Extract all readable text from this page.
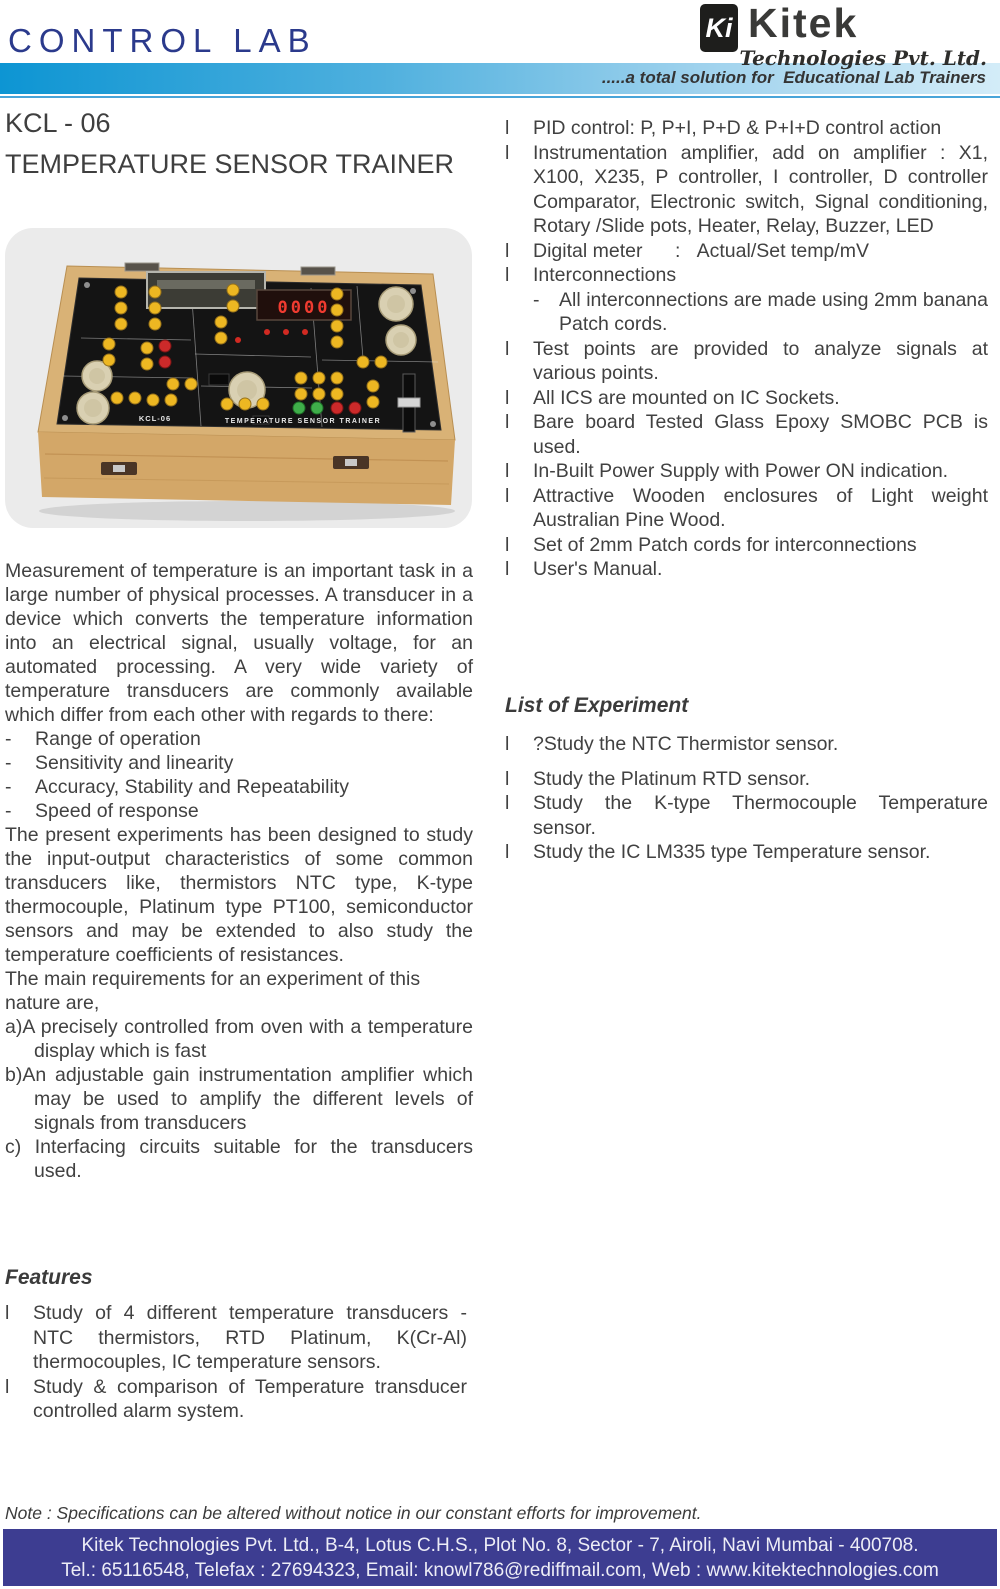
CONTROL LAB	Ki Kitek
Technologies Pvt. Ltd.
.....a total solution for  Educational Lab Trainers
KCL - 06
TEMPERATURE SENSOR TRAINER
0000
KCL-06	TEMPERATURE SENSOR TRAINER
Measurement of temperature is an important task in a large number of physical processes. A transducer in a device which converts the temperature information into an electrical signal, usually voltage, for an automated processing. A very wide variety of temperature transducers are commonly available which differ from each other with regards to there:
-	Range of operation
-	Sensitivity and linearity
-	Accuracy, Stability and Repeatability
-	Speed of response
The present experiments has been designed to study the input-output characteristics of some common transducers like, thermistors NTC type, K-type thermocouple, Platinum type PT100, semiconductor sensors and may be extended to also study the temperature coefficients of resistances.
The main requirements for an experiment of this nature are,
a)A precisely controlled from oven with a temperature display which is fast
b)An adjustable gain instrumentation amplifier which may be used to amplify the different levels of signals from transducers
c) Interfacing circuits suitable for the transducers used.
Features
l	Study of 4 different temperature transducers - NTC thermistors, RTD Platinum, K(Cr-Al) thermocouples, IC temperature sensors.
l	Study & comparison of Temperature transducer controlled alarm system.
l	PID control: P, P+I, P+D & P+I+D control action
l	Instrumentation amplifier, add on amplifier : X1, X100, X235, P controller, I controller, D controller Comparator, Electronic switch, Signal conditioning, Rotary /Slide pots, Heater, Relay, Buzzer, LED
l	Digital meter      :   Actual/Set temp/mV
l	Interconnections
-	All interconnections are made using 2mm banana Patch cords.
l	Test points are provided to analyze signals at various points.
l	All ICS are mounted on IC Sockets.
l	Bare board Tested Glass Epoxy SMOBC PCB is used.
l	In-Built Power Supply with Power ON indication.
l	Attractive Wooden enclosures of Light weight Australian Pine Wood.
l	Set of 2mm Patch cords for interconnections
l	User's Manual.
List of Experiment
l	?Study the NTC Thermistor sensor.
l	Study the Platinum RTD sensor.
l	Study the K-type Thermocouple Temperature sensor.
l	Study the IC LM335 type Temperature sensor.
Note : Specifications can be altered without notice in our constant efforts for improvement.
Kitek Technologies Pvt. Ltd., B-4, Lotus C.H.S., Plot No. 8, Sector - 7, Airoli, Navi Mumbai - 400708.
Tel.: 65116548, Telefax : 27694323, Email: knowl786@rediffmail.com, Web : www.kitektechnologies.com
